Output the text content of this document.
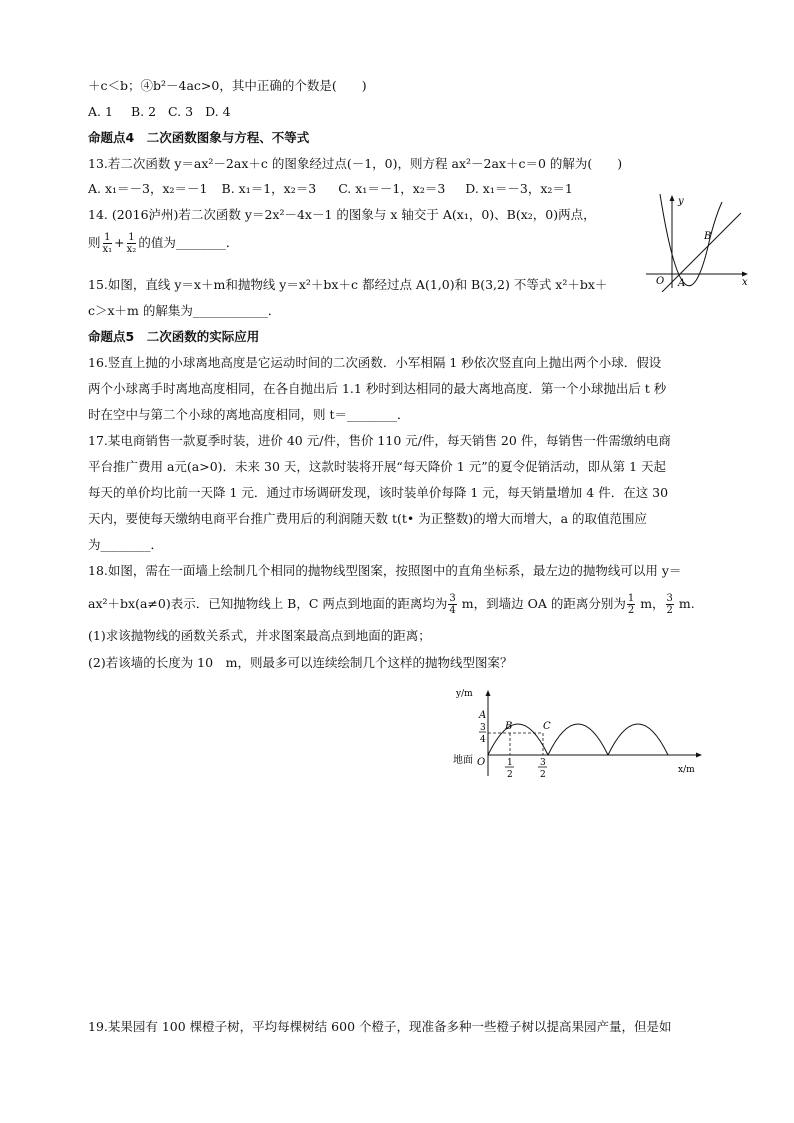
＋c＜b；④b²－4ac>0，其中正确的个数是(　　)
A. 1 B. 2 C. 3 D. 4
命题点4　二次函数图象与方程、不等式
13.若二次函数 y＝ax²－2ax＋c 的图象经过点(－1，0)，则方程 ax²－2ax＋c＝0 的解为(　　)
A. x₁＝－3，x₂＝－1 B. x₁＝1，x₂＝3 C. x₁＝－1，x₂＝3 D. x₁＝－3，x₂＝1
14. (2016泸州)若二次函数 y＝2x²－4x－1 的图象与 x 轴交于 A(x₁，0)、B(x₂，0)两点，
则 $\frac{1}{\text{x₁}} + \frac{1}{\text{x₂}}$ 的值为________．
y
x
O A
B
15.如图，直线 y＝x＋m和抛物线 y＝x²＋bx＋c 都经过点 A(1,0)和 B(3,2) 不等式 x²＋bx＋
c＞x＋m 的解集为____________．
命题点5　二次函数的实际应用
16.竖直上抛的小球离地高度是它运动时间的二次函数．小军相隔 1 秒依次竖直向上抛出两个小球．假设
两个小球离手时离地高度相同，在各自抛出后 1.1 秒时到达相同的最大离地高度．第一个小球抛出后 t 秒
时在空中与第二个小球的离地高度相同，则 t＝________．
17.某电商销售一款夏季时装，进价 40 元/件，售价 110 元/件，每天销售 20 件，每销售一件需缴纳电商
平台推广费用 a元(a>0)．未来 30 天，这款时装将开展“每天降价 1 元”的夏令促销活动，即从第 1 天起
每天的单价均比前一天降 1 元．通过市场调研发现，该时装单价每降 1 元，每天销量增加 4 件．在这 30
天内，要使每天缴纳电商平台推广费用后的利润随天数 t(t• 为正整数)的增大而增大，a 的取值范围应
为________．
18.如图，需在一面墙上绘制几个相同的抛物线型图案，按照图中的直角坐标系，最左边的抛物线可以用 y＝
ax²＋bx(a≠0)表示．已知抛物线上 B，C 两点到地面的距离均为 $\frac{3}{4}$ m，到墙边 OA 的距离分别为 $\frac{1}{2}$ m， $\frac{3}{2} m$.
(1)求该抛物线的函数关系式，并求图案最高点到地面的距离；
(2)若该墙的长度为 10　m，则最多可以连续绘制几个这样的抛物线型图案？
y/m
x/m
地面 O
A
B	C
3
4
1
2
3
2
19.某果园有 100 棵橙子树，平均每棵树结 600 个橙子，现准备多种一些橙子树以提高果园产量，但是如
